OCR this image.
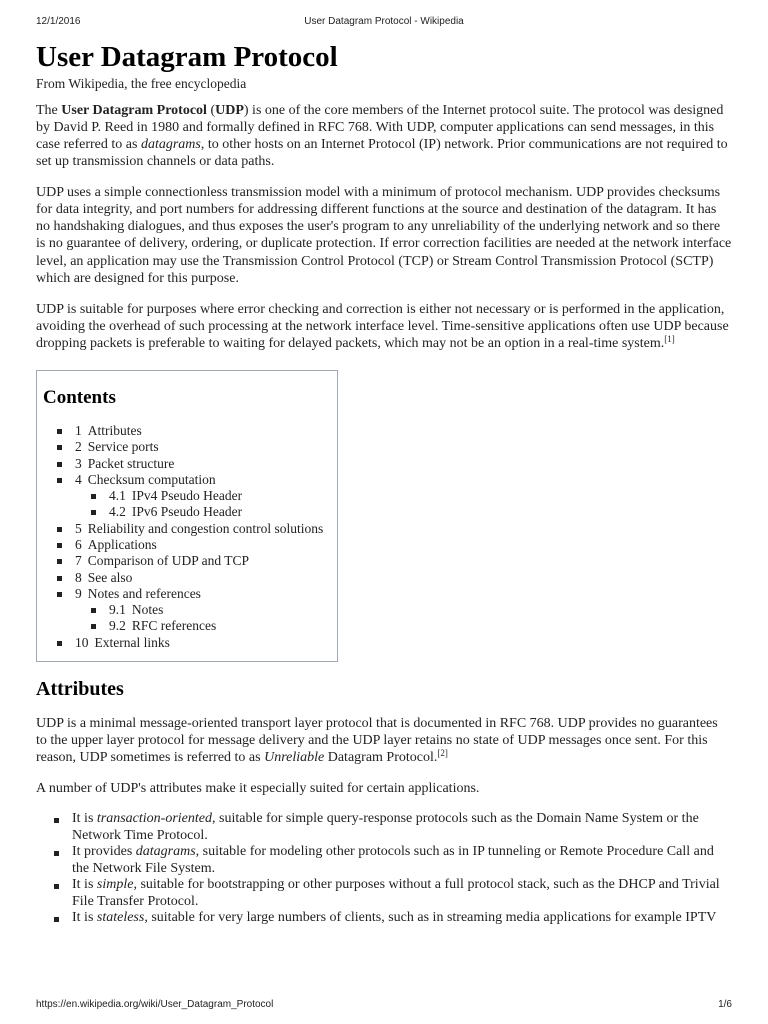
12/1/2016	User Datagram Protocol - Wikipedia
User Datagram Protocol
From Wikipedia, the free encyclopedia

The User Datagram Protocol (UDP) is one of the core members of the Internet protocol suite. The protocol was designed by David P. Reed in 1980 and formally defined in RFC 768. With UDP, computer applications can send messages, in this case referred to as datagrams, to other hosts on an Internet Protocol (IP) network. Prior communications are not required to set up transmission channels or data paths.

UDP uses a simple connectionless transmission model with a minimum of protocol mechanism. UDP provides checksums for data integrity, and port numbers for addressing different functions at the source and destination of the datagram. It has no handshaking dialogues, and thus exposes the user's program to any unreliability of the underlying network and so there is no guarantee of delivery, ordering, or duplicate protection. If error correction facilities are needed at the network interface level, an application may use the Transmission Control Protocol (TCP) or Stream Control Transmission Protocol (SCTP) which are designed for this purpose.

UDP is suitable for purposes where error checking and correction is either not necessary or is performed in the application, avoiding the overhead of such processing at the network interface level. Time-sensitive applications often use UDP because dropping packets is preferable to waiting for delayed packets, which may not be an option in a real-time system.[1]

Contents
1 Attributes
2 Service ports
3 Packet structure
4 Checksum computation
4.1 IPv4 Pseudo Header
4.2 IPv6 Pseudo Header
5 Reliability and congestion control solutions
6 Applications
7 Comparison of UDP and TCP
8 See also
9 Notes and references
9.1 Notes
9.2 RFC references
10 External links
Attributes

UDP is a minimal message-oriented transport layer protocol that is documented in RFC 768. UDP provides no guarantees to the upper layer protocol for message delivery and the UDP layer retains no state of UDP messages once sent. For this reason, UDP sometimes is referred to as Unreliable Datagram Protocol.[2]

A number of UDP's attributes make it especially suited for certain applications.

It is transaction-oriented, suitable for simple query-response protocols such as the Domain Name System or the Network Time Protocol.
It provides datagrams, suitable for modeling other protocols such as in IP tunneling or Remote Procedure Call and the Network File System.
It is simple, suitable for bootstrapping or other purposes without a full protocol stack, such as the DHCP and Trivial File Transfer Protocol.
It is stateless, suitable for very large numbers of clients, such as in streaming media applications for example IPTV
https://en.wikipedia.org/wiki/User_Datagram_Protocol	1/6
